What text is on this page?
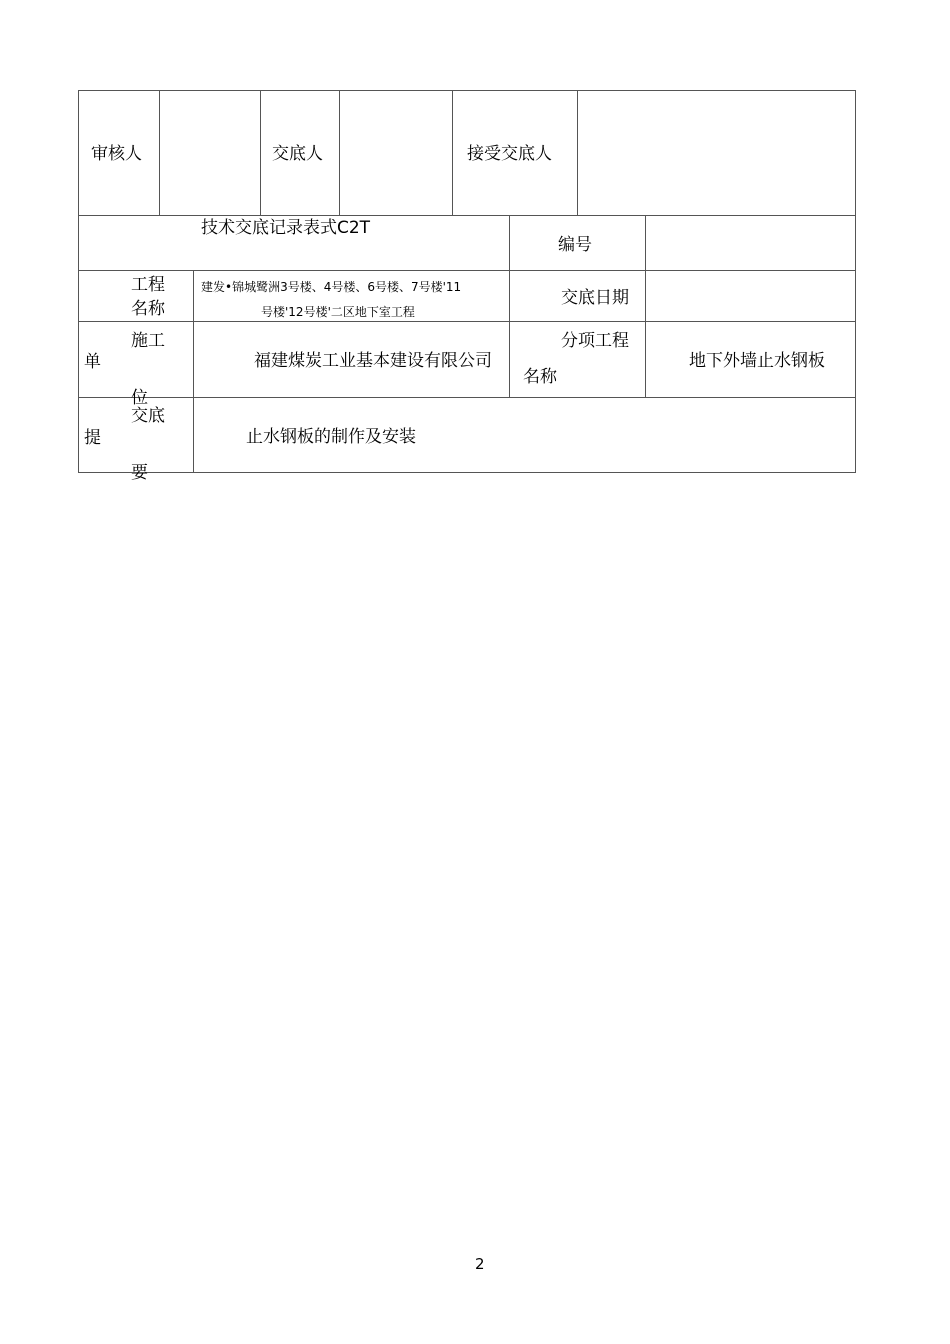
审核人	交底人	接受交底人
技术交底记录表式C2T
编号
工程
名称
建发•锦城鹭洲3号楼、4号楼、6号楼、7号楼'11
号楼'12号楼'二区地下室工程
交底日期
施工
单
位
福建煤炭工业基本建设有限公司
分项工程
名称
地下外墙止水钢板
交底
提
要
止水钢板的制作及安装
2
